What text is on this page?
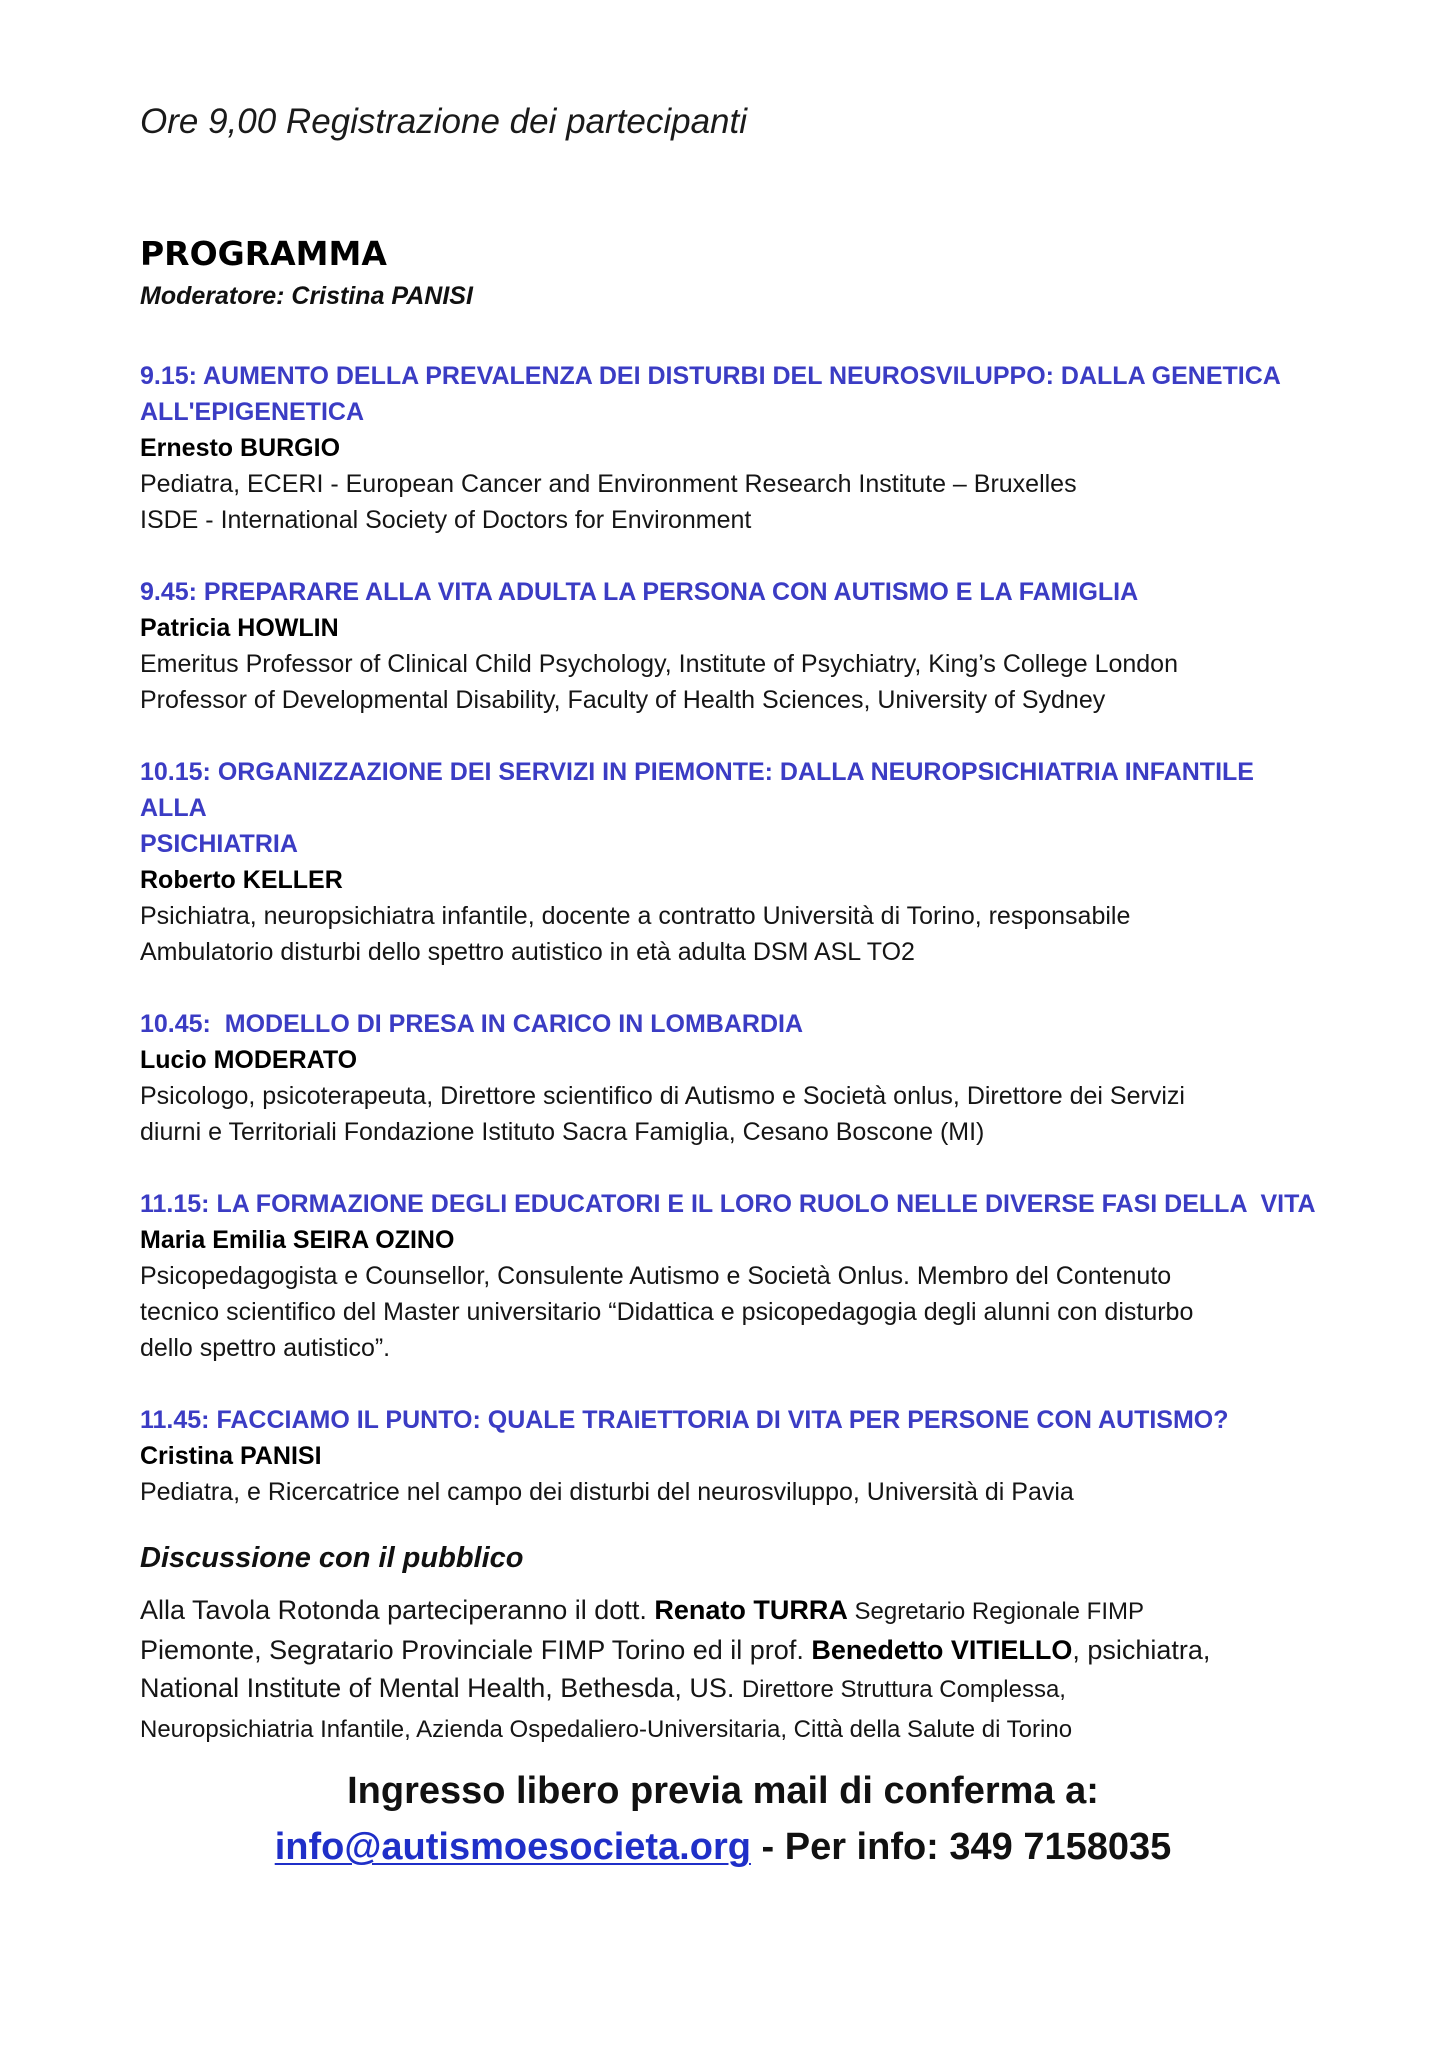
Ore 9,00 Registrazione dei partecipanti

PROGRAMMA

Moderatore: Cristina PANISI

9.15: AUMENTO DELLA PREVALENZA DEI DISTURBI DEL NEUROSVILUPPO: DALLA GENETICA

ALL'EPIGENETICA

Ernesto BURGIO

Pediatra, ECERI - European Cancer and Environment Research Institute – Bruxelles

ISDE - International Society of Doctors for Environment

9.45: PREPARARE ALLA VITA ADULTA LA PERSONA CON AUTISMO E LA FAMIGLIA

Patricia HOWLIN

Emeritus Professor of Clinical Child Psychology, Institute of Psychiatry, King’s College London

Professor of Developmental Disability, Faculty of Health Sciences, University of Sydney

10.15: ORGANIZZAZIONE DEI SERVIZI IN PIEMONTE: DALLA NEUROPSICHIATRIA INFANTILE ALLA

PSICHIATRIA

Roberto KELLER

Psichiatra, neuropsichiatra infantile, docente a contratto Università di Torino, responsabile

Ambulatorio disturbi dello spettro autistico in età adulta DSM ASL TO2

10.45:  MODELLO DI PRESA IN CARICO IN LOMBARDIA

Lucio MODERATO

Psicologo, psicoterapeuta, Direttore scientifico di Autismo e Società onlus, Direttore dei Servizi

diurni e Territoriali Fondazione Istituto Sacra Famiglia, Cesano Boscone (MI)

11.15: LA FORMAZIONE DEGLI EDUCATORI E IL LORO RUOLO NELLE DIVERSE FASI DELLA  VITA

Maria Emilia SEIRA OZINO

Psicopedagogista e Counsellor, Consulente Autismo e Società Onlus. Membro del Contenuto

tecnico scientifico del Master universitario “Didattica e psicopedagogia degli alunni con disturbo

dello spettro autistico”.

11.45: FACCIAMO IL PUNTO: QUALE TRAIETTORIA DI VITA PER PERSONE CON AUTISMO?

Cristina PANISI

Pediatra, e Ricercatrice nel campo dei disturbi del neurosviluppo, Università di Pavia

Discussione con il pubblico

Alla Tavola Rotonda parteciperanno il dott. Renato TURRA Segretario Regionale FIMP
Piemonte, Segratario Provinciale FIMP Torino ed il prof. Benedetto VITIELLO, psichiatra,
National Institute of Mental Health, Bethesda, US. Direttore Struttura Complessa,
Neuropsichiatria Infantile, Azienda Ospedaliero-Universitaria, Città della Salute di Torino

Ingresso libero previa mail di conferma a:

info@autismoesocieta.org - Per info: 349 7158035
